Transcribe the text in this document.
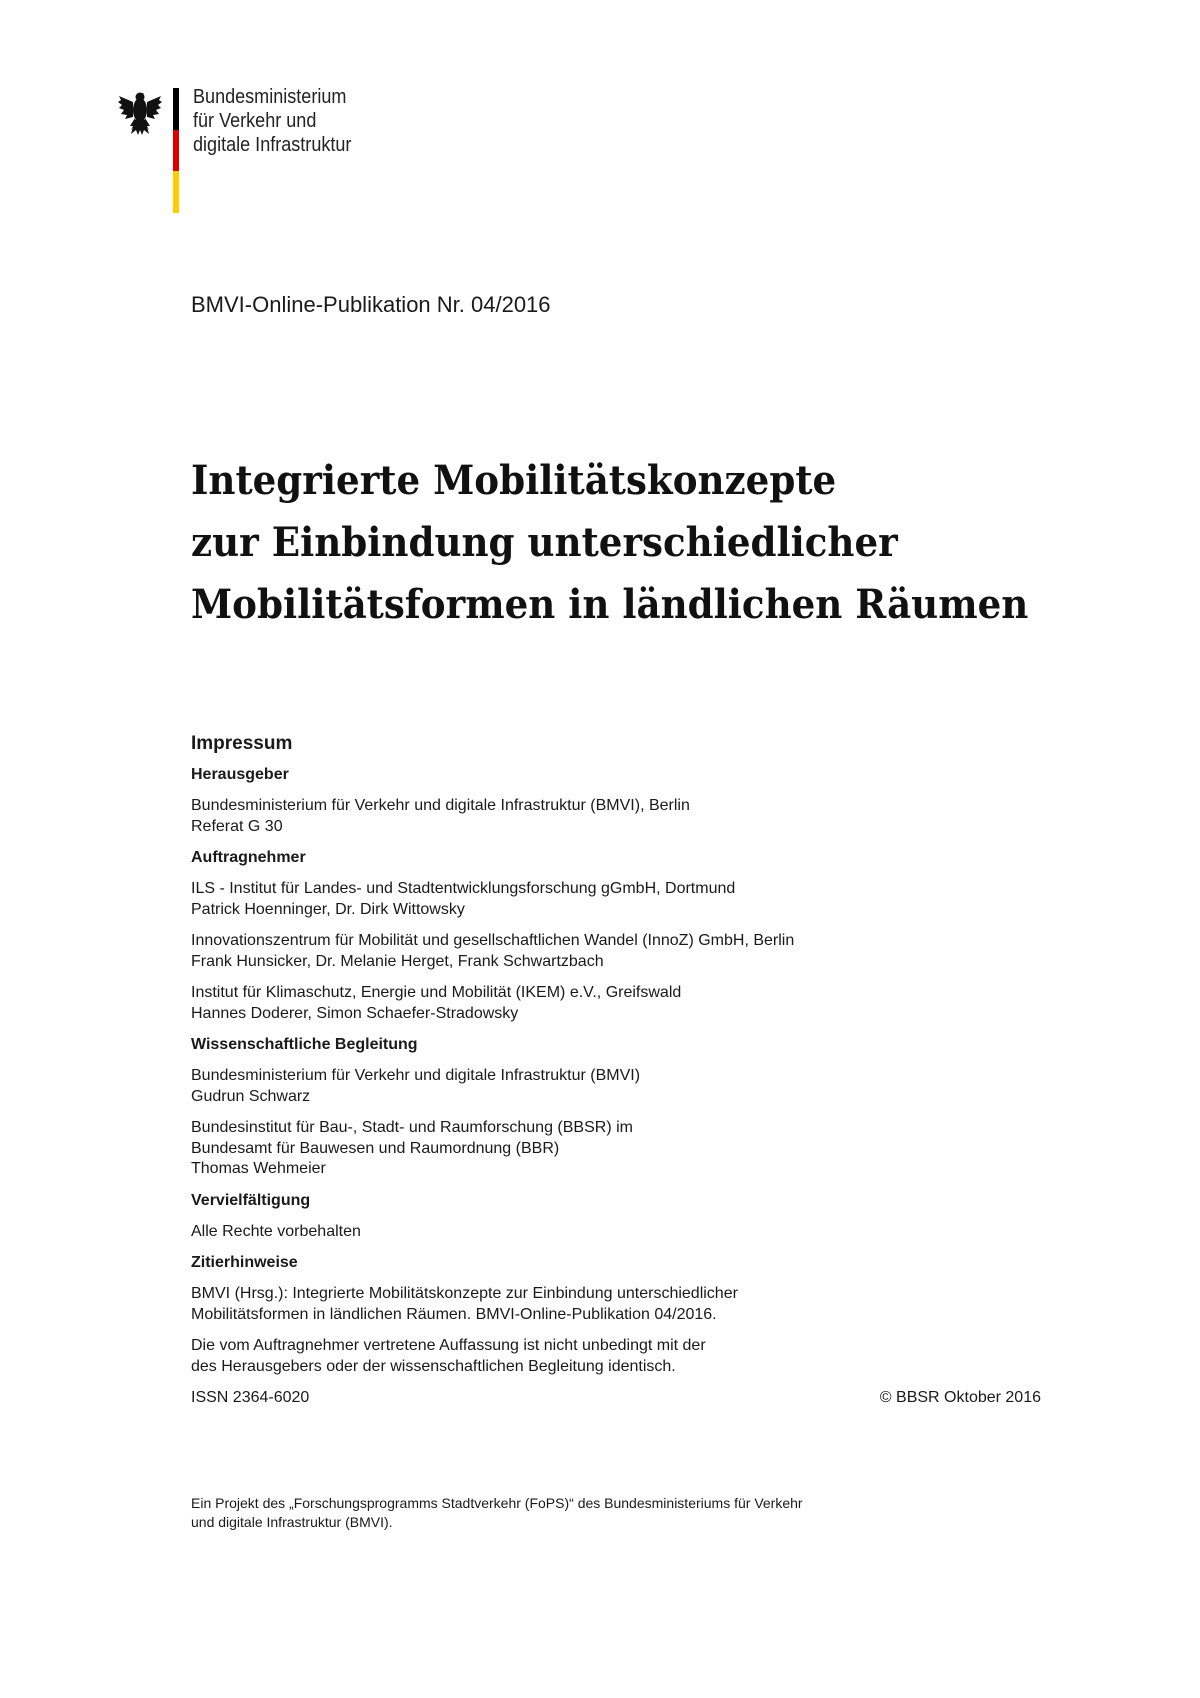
Bundesministerium
für Verkehr und
digitale Infrastruktur
BMVI-Online-Publikation Nr. 04/2016
Integrierte Mobilitätskonzepte
zur Einbindung unterschiedlicher
Mobilitätsformen in ländlichen Räumen
Impressum
Herausgeber
Bundesministerium für Verkehr und digitale Infrastruktur (BMVI), Berlin
Referat G 30
Auftragnehmer
ILS - Institut für Landes- und Stadtentwicklungsforschung gGmbH, Dortmund
Patrick Hoenninger, Dr. Dirk Wittowsky
Innovationszentrum für Mobilität und gesellschaftlichen Wandel (InnoZ) GmbH, Berlin
Frank Hunsicker, Dr. Melanie Herget, Frank Schwartzbach
Institut für Klimaschutz, Energie und Mobilität (IKEM) e.V., Greifswald
Hannes Doderer, Simon Schaefer-Stradowsky
Wissenschaftliche Begleitung
Bundesministerium für Verkehr und digitale Infrastruktur (BMVI)
Gudrun Schwarz
Bundesinstitut für Bau-, Stadt- und Raumforschung (BBSR) im
Bundesamt für Bauwesen und Raumordnung (BBR)
Thomas Wehmeier
Vervielfältigung
Alle Rechte vorbehalten
Zitierhinweise
BMVI (Hrsg.): Integrierte Mobilitätskonzepte zur Einbindung unterschiedlicher
Mobilitätsformen in ländlichen Räumen. BMVI-Online-Publikation 04/2016.
Die vom Auftragnehmer vertretene Auffassung ist nicht unbedingt mit der
des Herausgebers oder der wissenschaftlichen Begleitung identisch.
ISSN 2364-6020	© BBSR Oktober 2016
Ein Projekt des „Forschungsprogramms Stadtverkehr (FoPS)“ des Bundesministeriums für Verkehr
und digitale Infrastruktur (BMVI).
